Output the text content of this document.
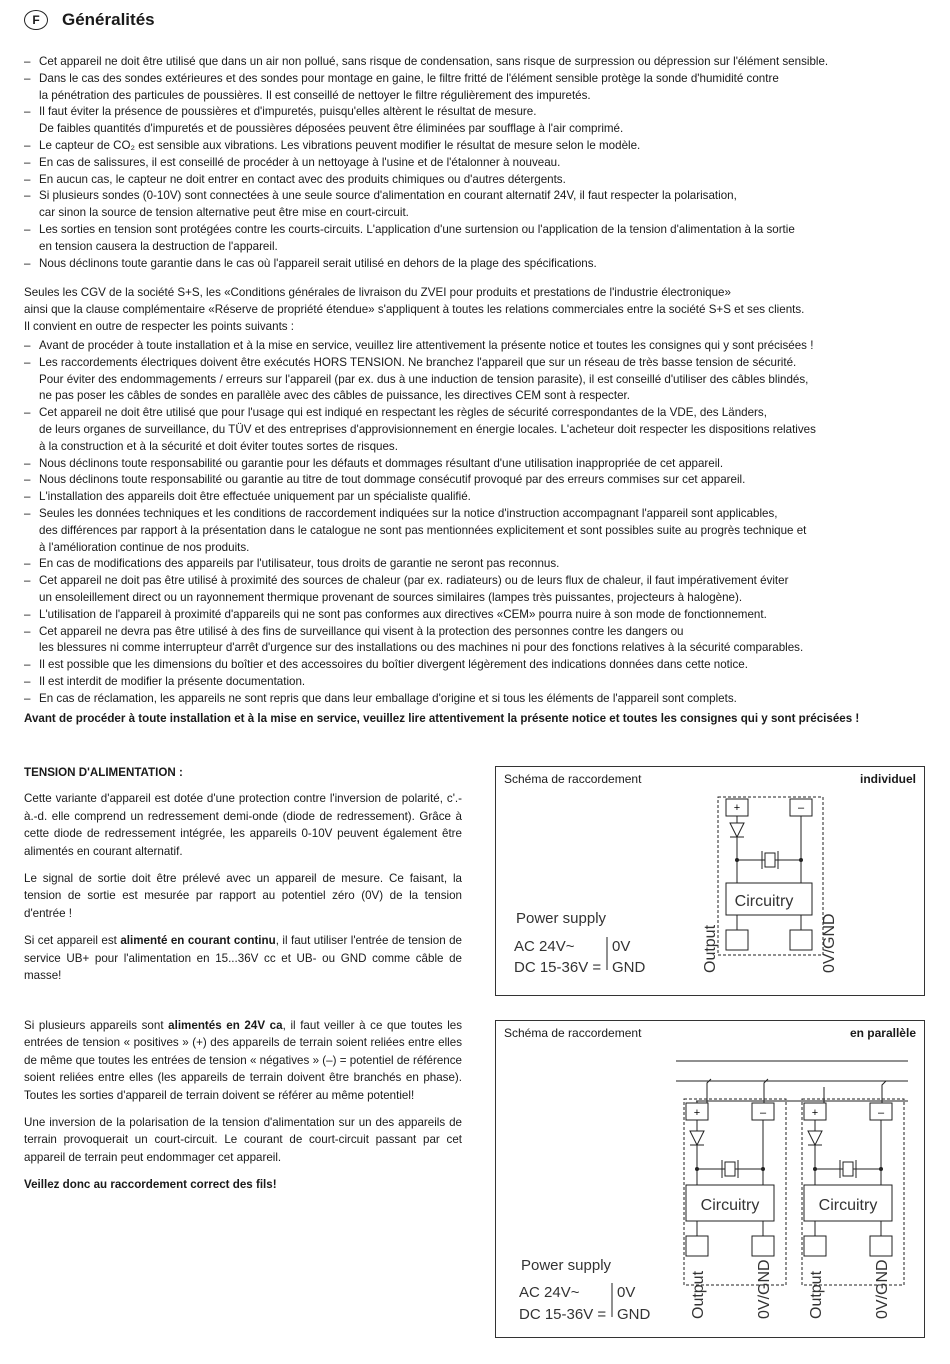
F	Généralités
– Cet appareil ne doit être utilisé que dans un air non pollué, sans risque de condensation, sans risque de surpression ou dépression sur l'élément sensible.
– Dans le cas des sondes extérieures et des sondes pour montage en gaine, le filtre fritté de l'élément sensible protège la sonde d'humidité contre
la pénétration des particules de poussières. Il est conseillé de nettoyer le filtre régulièrement des impuretés.
– Il faut éviter la présence de poussières et d'impuretés, puisqu'elles altèrent le résultat de mesure.
De faibles quantités d'impuretés et de poussières déposées peuvent être éliminées par soufflage à l'air comprimé.
– Le capteur de CO₂ est sensible aux vibrations. Les vibrations peuvent modifier le résultat de mesure selon le modèle.
– En cas de salissures, il est conseillé de procéder à un nettoyage à l'usine et de l'étalonner à nouveau.
– En aucun cas, le capteur ne doit entrer en contact avec des produits chimiques ou d'autres détergents.
– Si plusieurs sondes (0-10V) sont connectées à une seule source d'alimentation en courant alternatif 24V, il faut respecter la polarisation,
car sinon la source de tension alternative peut être mise en court-circuit.
– Les sorties en tension sont protégées contre les courts-circuits. L'application d'une surtension ou l'application de la tension d'alimentation à la sortie
en tension causera la destruction de l'appareil.
– Nous déclinons toute garantie dans le cas où l'appareil serait utilisé en dehors de la plage des spécifications.
Seules les CGV de la société S+S, les «Conditions générales de livraison du ZVEI pour produits et prestations de l'industrie électronique»
ainsi que la clause complémentaire «Réserve de propriété étendue» s'appliquent à toutes les relations commerciales entre la société S+S et ses clients.
Il convient en outre de respecter les points suivants :
– Avant de procéder à toute installation et à la mise en service, veuillez lire attentivement la présente notice et toutes les consignes qui y sont précisées !
– Les raccordements électriques doivent être exécutés HORS TENSION. Ne branchez l'appareil que sur un réseau de très basse tension de sécurité.
Pour éviter des endommagements / erreurs sur l'appareil (par ex. dus à une induction de tension parasite), il est conseillé d'utiliser des câbles blindés,
ne pas poser les câbles de sondes en parallèle avec des câbles de puissance, les directives CEM sont à respecter.
– Cet appareil ne doit être utilisé que pour l'usage qui est indiqué en respectant les règles de sécurité correspondantes de la VDE, des Länders,
de leurs organes de surveillance, du TÜV et des entreprises d'approvisionnement en énergie locales. L'acheteur doit respecter les dispositions relatives
à la construction et à la sécurité et doit éviter toutes sortes de risques.
– Nous déclinons toute responsabilité ou garantie pour les défauts et dommages résultant d'une utilisation inappropriée de cet appareil.
– Nous déclinons toute responsabilité ou garantie au titre de tout dommage consécutif provoqué par des erreurs commises sur cet appareil.
– L'installation des appareils doit être effectuée uniquement par un spécialiste qualifié.
– Seules les données techniques et les conditions de raccordement indiquées sur la notice d'instruction accompagnant l'appareil sont applicables,
des différences par rapport à la présentation dans le catalogue ne sont pas mentionnées explicitement et sont possibles suite au progrès technique et
à l'amélioration continue de nos produits.
– En cas de modifications des appareils par l'utilisateur, tous droits de garantie ne seront pas reconnus.
– Cet appareil ne doit pas être utilisé à proximité des sources de chaleur (par ex. radiateurs) ou de leurs flux de chaleur, il faut impérativement éviter
un ensoleillement direct ou un rayonnement thermique provenant de sources similaires (lampes très puissantes, projecteurs à halogène).
– L'utilisation de l'appareil à proximité d'appareils qui ne sont pas conformes aux directives «CEM» pourra nuire à son mode de fonctionnement.
– Cet appareil ne devra pas être utilisé à des fins de surveillance qui visent à la protection des personnes contre les dangers ou
les blessures ni comme interrupteur d'arrêt d'urgence sur des installations ou des machines ni pour des fonctions relatives à la sécurité comparables.
– Il est possible que les dimensions du boîtier et des accessoires du boîtier divergent légèrement des indications données dans cette notice.
– Il est interdit de modifier la présente documentation.
– En cas de réclamation, les appareils ne sont repris que dans leur emballage d'origine et si tous les éléments de l'appareil sont complets.
Avant de procéder à toute installation et à la mise en service, veuillez lire attentivement la présente notice et toutes les consignes qui y sont précisées !
TENSION D'ALIMENTATION :

Cette variante d'appareil est dotée d'une protection contre l'inversion de polarité, c'.-à.-d. elle comprend un redressement demi-onde (diode de redressement). Grâce à cette diode de redressement intégrée, les appareils 0-10V peuvent également être alimentés en courant alternatif.

Le signal de sortie doit être prélevé avec un appareil de mesure. Ce faisant, la tension de sortie est mesurée par rapport au potentiel zéro (0V) de la tension d'entrée !

Si cet appareil est alimenté en courant continu, il faut utiliser l'entrée de tension de service UB+ pour l'alimentation en 15...36V cc et UB- ou GND comme câble de masse!

Si plusieurs appareils sont alimentés en 24V ca, il faut veiller à ce que toutes les entrées de tension « positives » (+) des appareils de terrain soient reliées entre elles de même que toutes les entrées de tension « négatives » (–) = potentiel de référence soient reliées entre elles (les appareils de terrain doivent être branchés en phase). Toutes les sorties d'appareil de terrain doivent se référer au même potentiel!

Une inversion de la polarisation de la tension d'alimentation sur un des appareils de terrain provoquerait un court-circuit. Le courant de court-circuit passant par cet appareil de terrain peut endommager cet appareil.

Veillez donc au raccordement correct des fils!

Schéma de raccordement	individuel
+	–
Circuitry
Output	0V/GND
Power supply
AC 24V~
DC 15-36V =
0V
GND
Schéma de raccordement	en parallèle
+	–	+	–
Circuitry	Circuitry
Output	0V/GND Output	0V/GND
Power supply
AC 24V~
DC 15-36V =
0V
GND
